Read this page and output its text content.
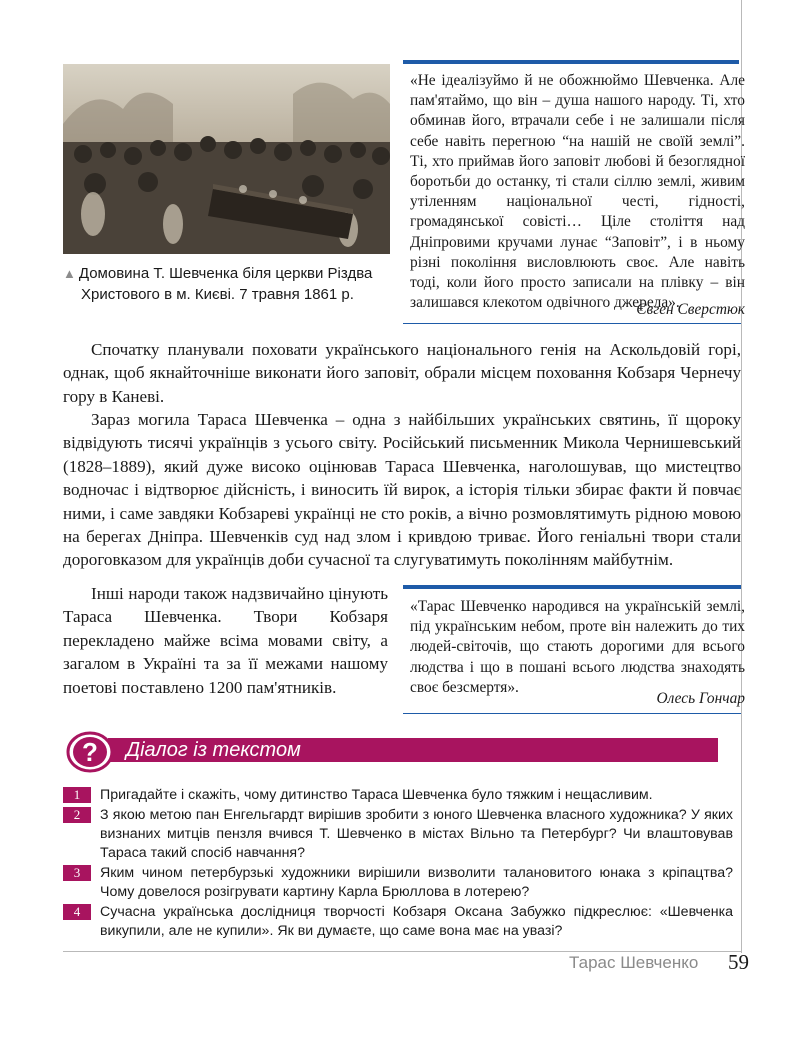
▲ Домовина Т. Шевченка біля церкви Різдва
Христового в м. Києві. 7 травня 1861 р.
«Не ідеалізуймо й не обожнюймо Шевченка. Але пам'ятаймо, що він – душа нашого народу. Ті, хто обминав його, втрачали себе і не залишали після себе навіть перегною “на нашій не своїй землі”. Ті, хто приймав його заповіт любові й безоглядної боротьби до останку, ті стали сіллю землі, живим утіленням національної честі, гідності, громадянської совісті… Ціле століття над Дніпровими кручами лунає “Заповіт”, і в ньому різні покоління висловлюють своє. Але навіть тоді, коли його просто записали на плівку – він залишався клекотом одвічного джерела».
Євген Сверстюк

Спочатку планували поховати українського національного генія на Аскольдовій горі, однак, щоб якнайточніше виконати його заповіт, обрали місцем поховання Кобзаря Чернечу гору в Каневі.

Зараз могила Тараса Шевченка – одна з найбільших українських святинь, її щороку відвідують тисячі українців з усього світу. Російський письменник Микола Чернишевський (1828–1889), який дуже високо оцінював Тараса Шевченка, наголошував, що мистецтво водночас і відтворює дійсність, і виносить їй вирок, а історія тільки збирає факти й повчає ними, і саме завдяки Кобзареві українці не сто років, а вічно розмовлятимуть рідною мовою на берегах Дніпра. Шевченків суд над злом і кривдою триває. Його геніальні твори стали дороговказом для українців доби сучасної та слугуватимуть поколінням майбутнім.

Інші народи також надзвичайно цінують Тараса Шевченка. Твори Кобзаря перекладено майже всіма мовами світу, а загалом в Україні та за її межами нашому поетові поставлено 1200 пам'ятників.

«Тарас Шевченко народився на українській землі, під українським небом, проте він належить до тих людей-світочів, що стають дорогими для всього людства і що в пошані всього людства знаходять своє безсмертя».
Олесь Гончар
? Діалог із текстом
1	Пригадайте і скажіть, чому дитинство Тараса Шевченка було тяжким і нещасливим.
2	З якою метою пан Енгельгардт вирішив зробити з юного Шевченка власного художника? У яких визнаних митців пензля вчився Т. Шевченко в містах Вільно та Петербург? Чи влаштовував Тараса такий спосіб навчання?
3	Яким чином петербурзькі художники вирішили визволити талановитого юнака з кріпацтва? Чому довелося розігрувати картину Карла Брюллова в лотерею?
4	Сучасна українська дослідниця творчості Кобзаря Оксана Забужко підкреслює: «Шевченка викупили, але не купили». Як ви думаєте, що саме вона має на увазі?
Тарас Шевченко 59
